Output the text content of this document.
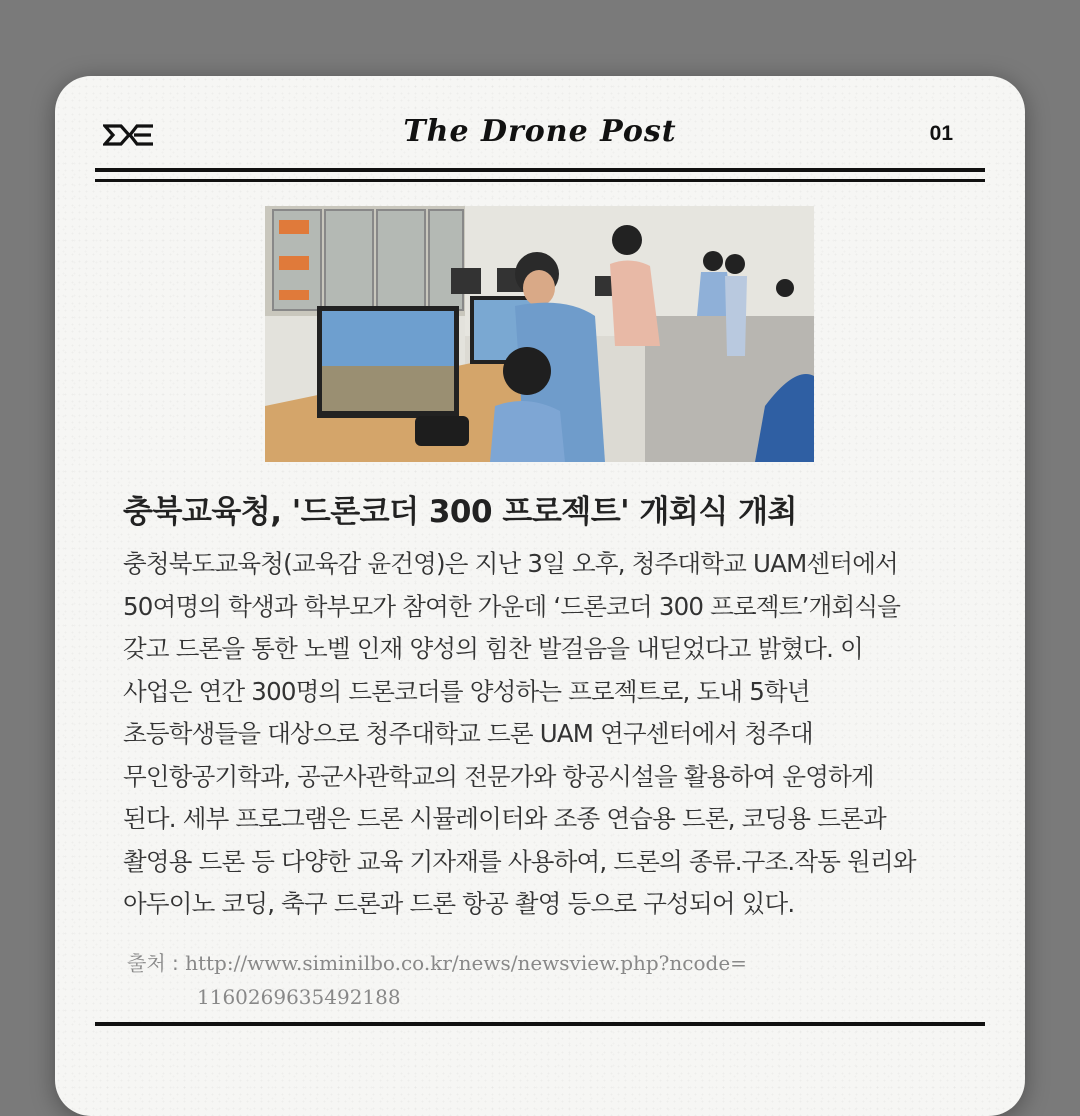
The Drone Post	01
충북교육청, '드론코더 300 프로젝트' 개회식 개최
충청북도교육청(교육감 윤건영)은 지난 3일 오후, 청주대학교 UAM센터에서
50여명의 학생과 학부모가 참여한 가운데 ‘드론코더 300 프로젝트’개회식을
갖고 드론을 통한 노벨 인재 양성의 힘찬 발걸음을 내딛었다고 밝혔다. 이
사업은 연간 300명의 드론코더를 양성하는 프로젝트로, 도내 5학년
초등학생들을 대상으로 청주대학교 드론 UAM 연구센터에서 청주대
무인항공기학과, 공군사관학교의 전문가와 항공시설을 활용하여 운영하게
된다. 세부 프로그램은 드론 시뮬레이터와 조종 연습용 드론, 코딩용 드론과
촬영용 드론 등 다양한 교육 기자재를 사용하여, 드론의 종류.구조.작동 원리와
아두이노 코딩, 축구 드론과 드론 항공 촬영 등으로 구성되어 있다.
출처 : http://www.siminilbo.co.kr/news/newsview.php?ncode=
1160269635492188
